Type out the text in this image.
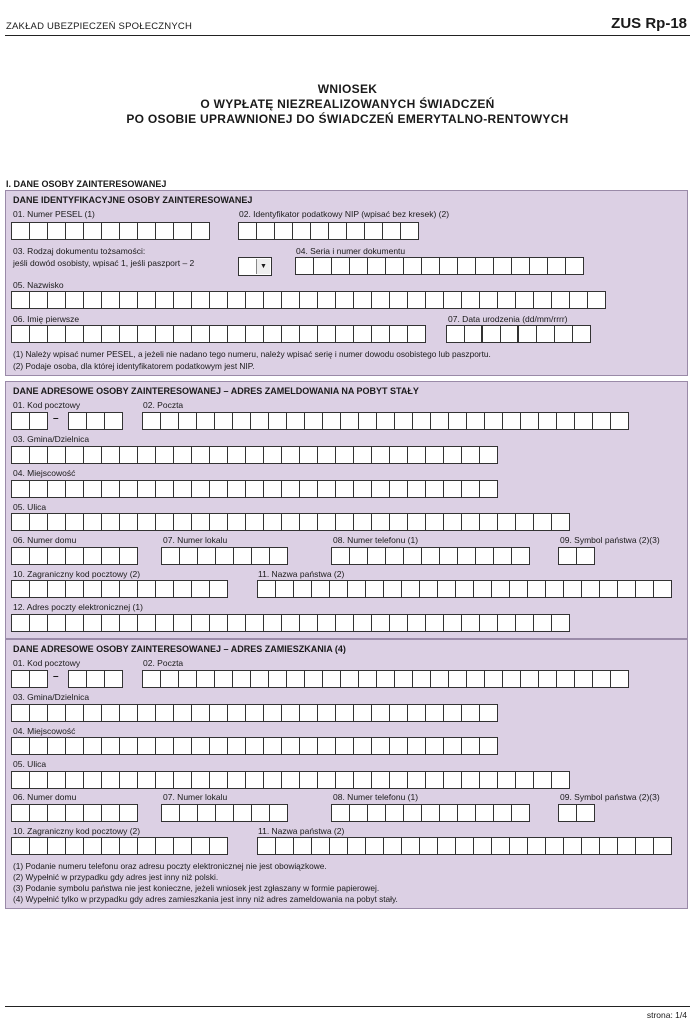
ZAKŁAD UBEZPIECZEŃ SPOŁECZNYCH	ZUS Rp-18
WNIOSEK
O WYPŁATĘ NIEZREALIZOWANYCH ŚWIADCZEŃ
PO OSOBIE UPRAWNIONEJ DO ŚWIADCZEŃ EMERYTALNO-RENTOWYCH
I. DANE OSOBY ZAINTERESOWANEJ
DANE IDENTYFIKACYJNE OSOBY ZAINTERESOWANEJ
01. Numer PESEL (1)	02. Identyfikator podatkowy NIP (wpisać bez kresek) (2)
03. Rodzaj dokumentu tożsamości:
jeśli dowód osobisty, wpisać 1, jeśli paszport – 2	▼
04. Seria i numer dokumentu
05. Nazwisko
06. Imię pierwsze	07. Data urodzenia (dd/mm/rrrr)
(1) Należy wpisać numer PESEL, a jeżeli nie nadano tego numeru, należy wpisać serię i numer dowodu osobistego lub paszportu.
(2) Podaje osoba, dla której identyfikatorem podatkowym jest NIP.
DANE ADRESOWE OSOBY ZAINTERESOWANEJ – ADRES ZAMELDOWANIA NA POBYT STAŁY
01. Kod pocztowy
–
02. Poczta
03. Gmina/Dzielnica
04. Miejscowość
05. Ulica
06. Numer domu	07. Numer lokalu	08. Numer telefonu (1)	09. Symbol państwa (2)(3)
10. Zagraniczny kod pocztowy (2)	11. Nazwa państwa (2)
12. Adres poczty elektronicznej (1)
DANE ADRESOWE OSOBY ZAINTERESOWANEJ – ADRES ZAMIESZKANIA (4)
01. Kod pocztowy
–
02. Poczta
03. Gmina/Dzielnica
04. Miejscowość
05. Ulica
06. Numer domu	07. Numer lokalu	08. Numer telefonu (1)	09. Symbol państwa (2)(3)
10. Zagraniczny kod pocztowy (2)	11. Nazwa państwa (2)
(1) Podanie numeru telefonu oraz adresu poczty elektronicznej nie jest obowiązkowe.
(2) Wypełnić w przypadku gdy adres jest inny niż polski.
(3) Podanie symbolu państwa nie jest konieczne, jeżeli wniosek jest zgłaszany w formie papierowej.
(4) Wypełnić tylko w przypadku gdy adres zamieszkania jest inny niż adres zameldowania na pobyt stały.
strona: 1/4
